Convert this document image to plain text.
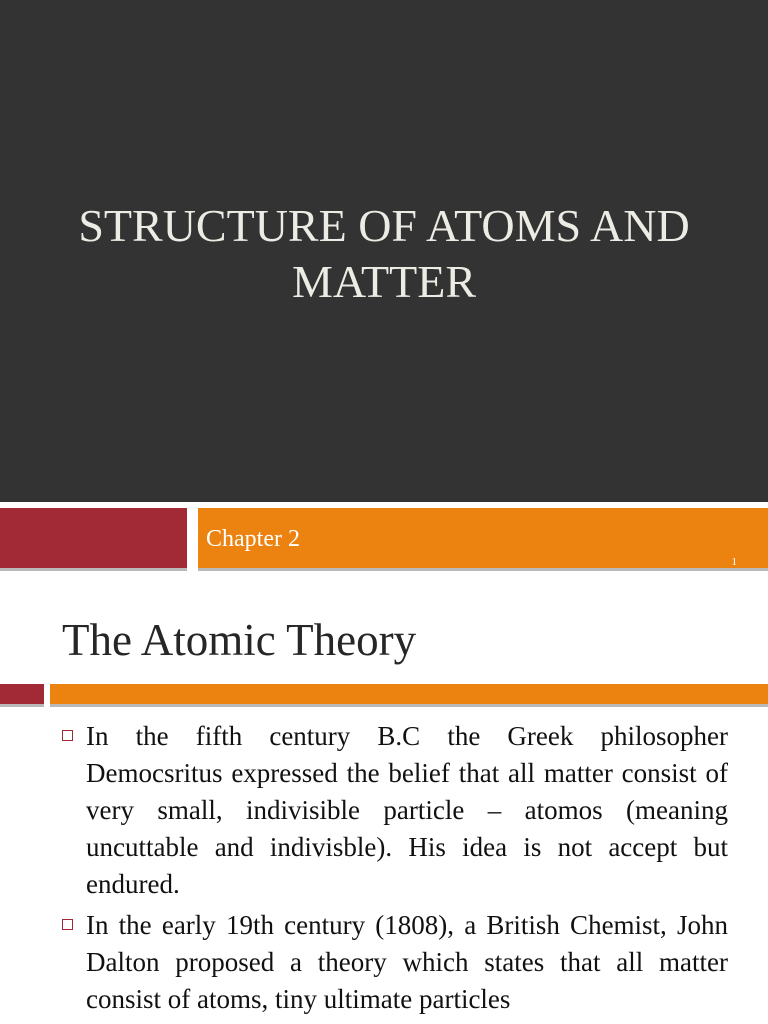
STRUCTURE OF ATOMS AND MATTER
Chapter 2
1
The Atomic Theory
In the fifth century B.C the Greek philosopher Democsritus expressed the belief that all matter consist of very small, indivisible particle – atomos (meaning uncuttable and indivisble). His idea is not accept but endured.
In the early 19th century (1808), a British Chemist, John Dalton proposed a theory which states that all matter consist of atoms, tiny ultimate particles
